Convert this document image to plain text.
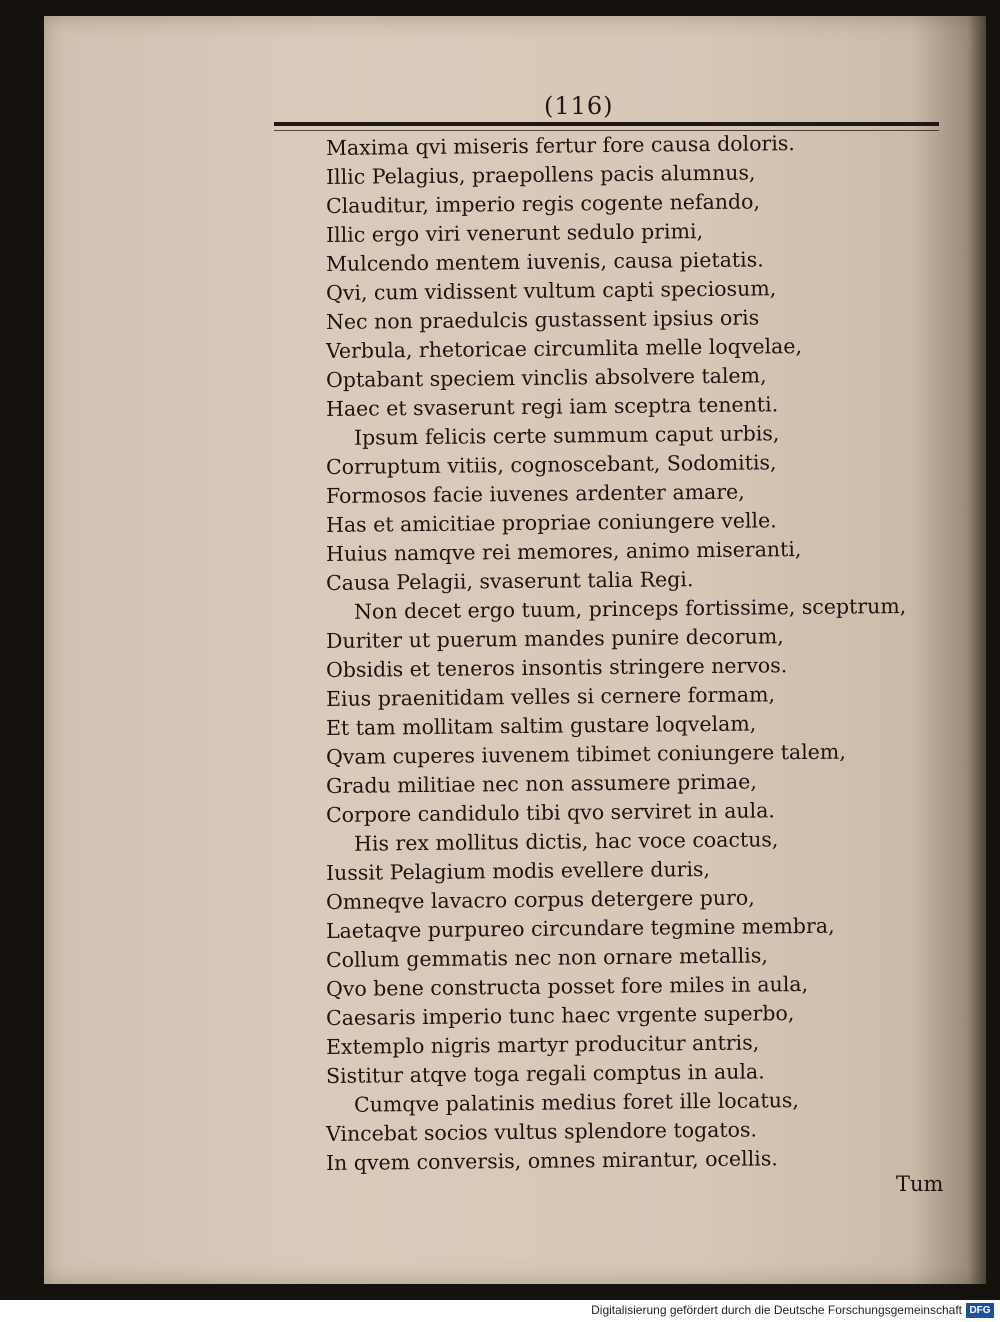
(116)
Maxima qvi miseris fertur fore causa doloris.
Illic Pelagius, praepollens pacis alumnus,
Clauditur, imperio regis cogente nefando,
Illic ergo viri venerunt sedulo primi,
Mulcendo mentem iuvenis, causa pietatis.
Qvi, cum vidissent vultum capti speciosum,
Nec non praedulcis gustassent ipsius oris
Verbula, rhetoricae circumlita melle loqvelae,
Optabant speciem vinclis absolvere talem,
Haec et svaserunt regi iam sceptra tenenti.
Ipsum felicis certe summum caput urbis,
Corruptum vitiis, cognoscebant, Sodomitis,
Formosos facie iuvenes ardenter amare,
Has et amicitiae propriae coniungere velle.
Huius namqve rei memores, animo miseranti,
Causa Pelagii, svaserunt talia Regi.
Non decet ergo tuum, princeps fortissime, sceptrum,
Duriter ut puerum mandes punire decorum,
Obsidis et teneros insontis stringere nervos.
Eius praenitidam velles si cernere formam,
Et tam mollitam saltim gustare loqvelam,
Qvam cuperes iuvenem tibimet coniungere talem,
Gradu militiae nec non assumere primae,
Corpore candidulo tibi qvo serviret in aula.
His rex mollitus dictis, hac voce coactus,
Iussit Pelagium modis evellere duris,
Omneqve lavacro corpus detergere puro,
Laetaqve purpureo circundare tegmine membra,
Collum gemmatis nec non ornare metallis,
Qvo bene constructa posset fore miles in aula,
Caesaris imperio tunc haec vrgente superbo,
Extemplo nigris martyr producitur antris,
Sistitur atqve toga regali comptus in aula.
Cumqve palatinis medius foret ille locatus,
Vincebat socios vultus splendore togatos.
In qvem conversis, omnes mirantur, ocellis.
Tum
Digitalisierung gefördert durch die Deutsche Forschungsgemeinschaft DFG
